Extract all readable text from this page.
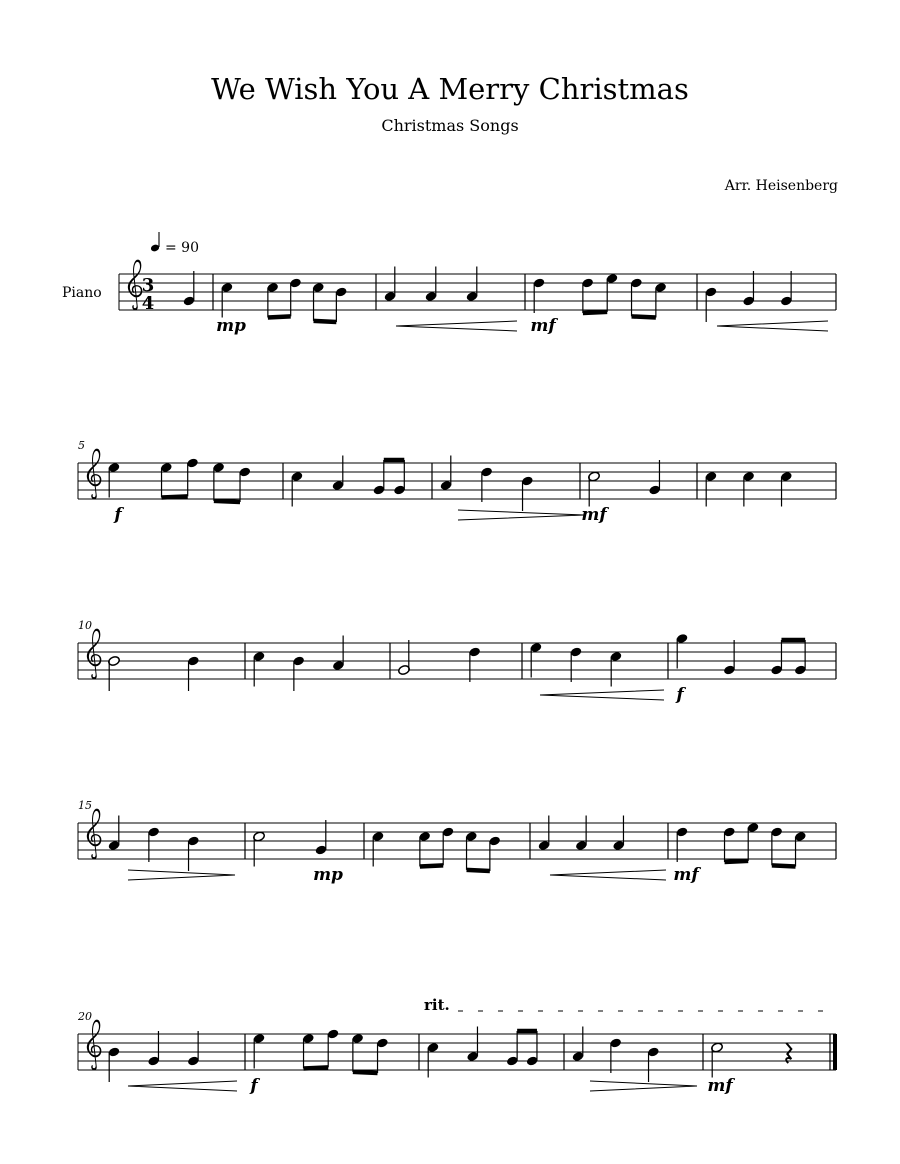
We Wish You A Merry Christmas
Christmas Songs
Arr. Heisenberg
3
4
Piano
= 90
mp	mf
5
f	mf
10
f
15
mp	mf
20
f	mf
rit.
